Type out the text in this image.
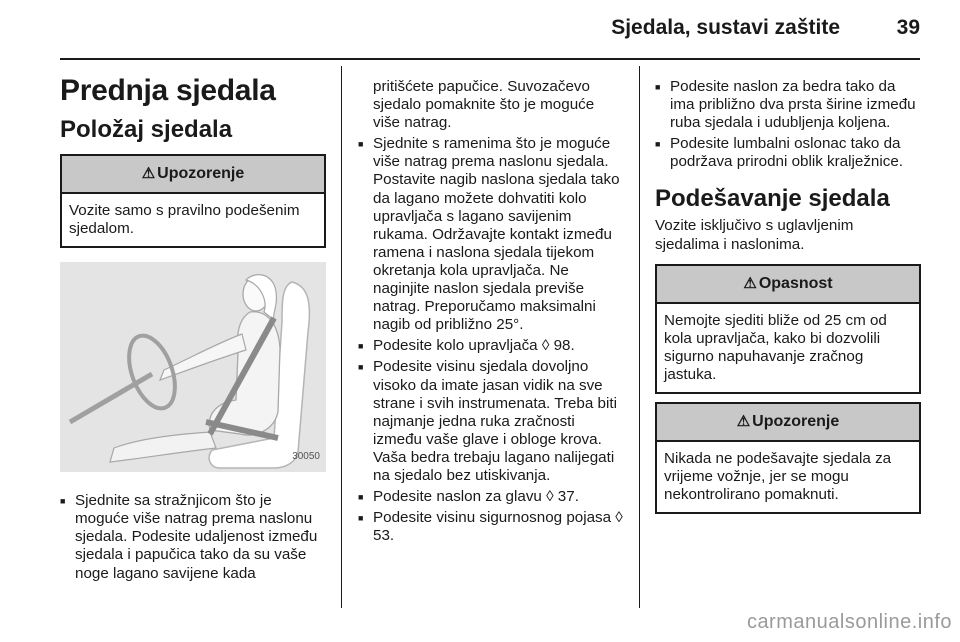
Sjedala, sustavi zaštite	39
Prednja sjedala
Položaj sjedala
⚠ Upozorenje
Vozite samo s pravilno podešenim sjedalom.
30050
■ Sjednite sa stražnjicom što je moguće više natrag prema naslonu sjedala. Podesite udaljenost između sjedala i papučica tako da su vaše noge lagano savijene kada

pritišćete papučice. Suvozačevo sjedalo pomaknite što je moguće više natrag.

■ Sjednite s ramenima što je moguće više natrag prema naslonu sjedala. Postavite nagib naslona sjedala tako da lagano možete dohvatiti kolo upravljača s lagano savijenim rukama. Održavajte kontakt između ramena i naslona sjedala tijekom okretanja kola upravljača. Ne naginjite naslon sjedala previše natrag. Preporučamo maksimalni nagib od približno 25°.
■ Podesite kolo upravljača ◊ 98.
■ Podesite visinu sjedala dovoljno visoko da imate jasan vidik na sve strane i svih instrumenata. Treba biti najmanje jedna ruka zračnosti između vaše glave i obloge krova. Vaša bedra trebaju lagano nalijegati na sjedalo bez utiskivanja.
■ Podesite naslon za glavu ◊ 37.
■ Podesite visinu sigurnosnog pojasa ◊ 53.
■ Podesite naslon za bedra tako da ima približno dva prsta širine između ruba sjedala i udubljenja koljena.
■ Podesite lumbalni oslonac tako da podržava prirodni oblik kralježnice.
Podešavanje sjedala

Vozite isključivo s uglavljenim sjedalima i naslonima.

⚠ Opasnost
Nemojte sjediti bliže od 25 cm od kola upravljača, kako bi dozvolili sigurno napuhavanje zračnog jastuka.
⚠ Upozorenje
Nikada ne podešavajte sjedala za vrijeme vožnje, jer se mogu nekontrolirano pomaknuti.
carmanualsonline.info
